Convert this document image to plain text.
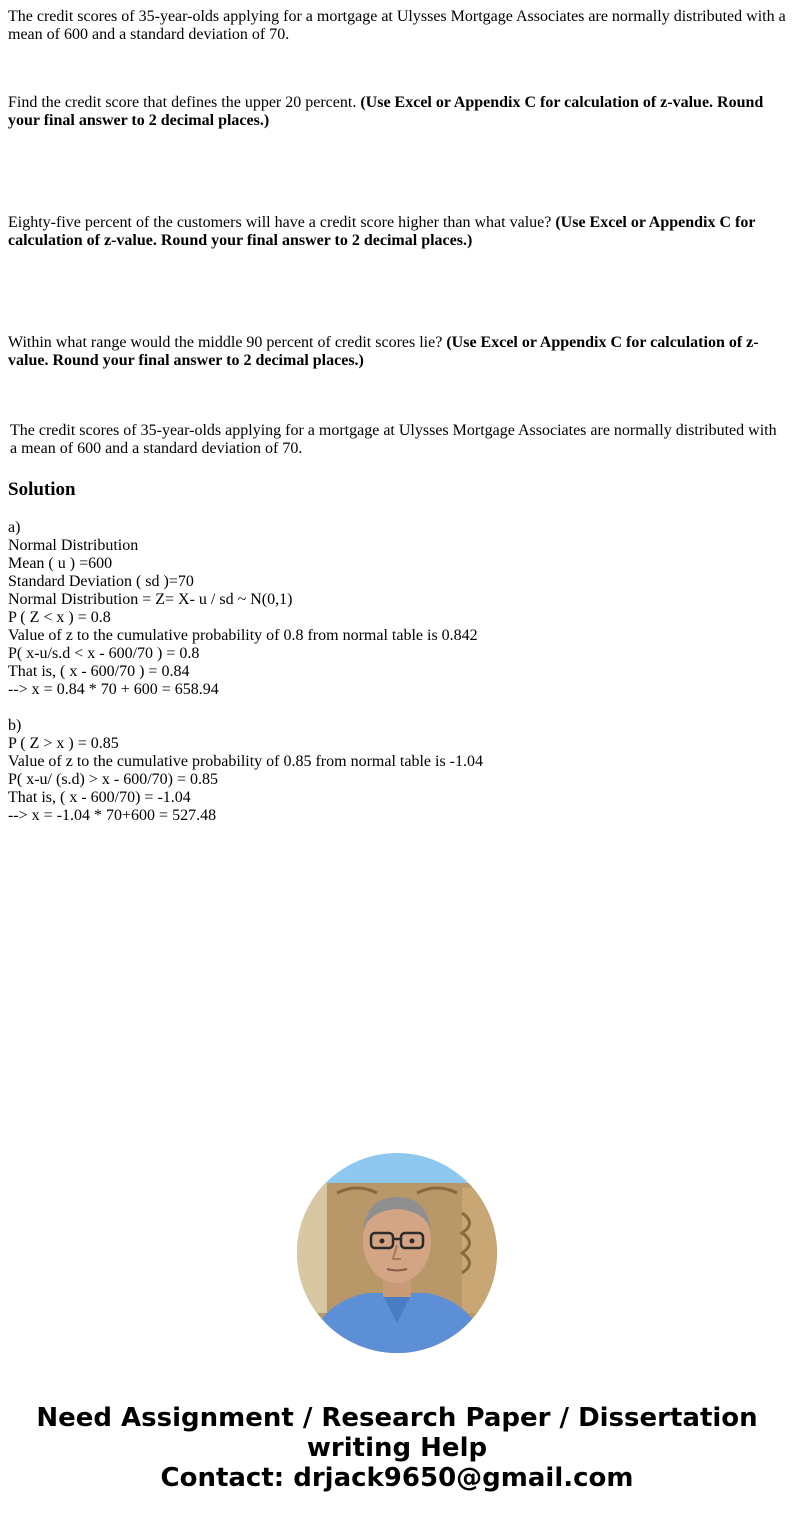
The credit scores of 35-year-olds applying for a mortgage at Ulysses Mortgage Associates are normally distributed with a mean of 600 and a standard deviation of 70.

Find the credit score that defines the upper 20 percent. (Use Excel or Appendix C for calculation of z-value. Round your final answer to 2 decimal places.)

Eighty-five percent of the customers will have a credit score higher than what value? (Use Excel or Appendix C for calculation of z-value. Round your final answer to 2 decimal places.)

Within what range would the middle 90 percent of credit scores lie? (Use Excel or Appendix C for calculation of z-value. Round your final answer to 2 decimal places.)

The credit scores of 35-year-olds applying for a mortgage at Ulysses Mortgage Associates are normally distributed with a mean of 600 and a standard deviation of 70.

Solution
a)
Normal Distribution
Mean ( u ) =600
Standard Deviation ( sd )=70
Normal Distribution = Z= X- u / sd ~ N(0,1)
P ( Z < x ) = 0.8
Value of z to the cumulative probability of 0.8 from normal table is 0.842
P( x-u/s.d < x - 600/70 ) = 0.8
That is, ( x - 600/70 ) = 0.84
--> x = 0.84 * 70 + 600 = 658.94
b)
P ( Z > x ) = 0.85
Value of z to the cumulative probability of 0.85 from normal table is -1.04
P( x-u/ (s.d) > x - 600/70) = 0.85
That is, ( x - 600/70) = -1.04
--> x = -1.04 * 70+600 = 527.48
Need Assignment / Research Paper / Dissertation
writing Help
Contact: drjack9650@gmail.com
